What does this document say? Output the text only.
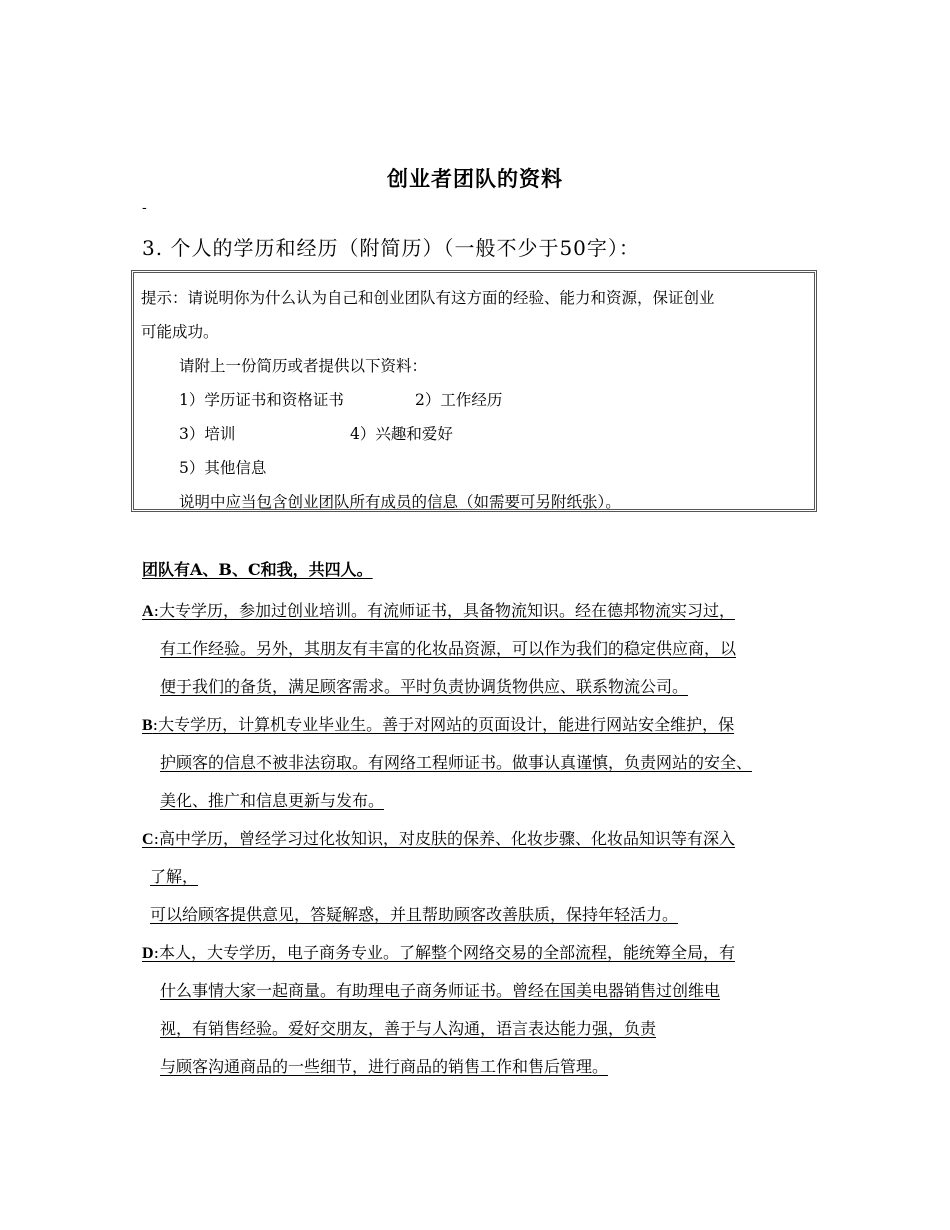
创业者团队的资料
-
3. 个人的学历和经历（附简历）（一般不少于50字）：
提示：请说明你为什么认为自己和创业团队有这方面的经验、能力和资源，保证创业
可能成功。
请附上一份简历或者提供以下资料：
1）学历证书和资格证书	2）工作经历
3）培训	4）兴趣和爱好
5）其他信息
说明中应当包含创业团队所有成员的信息（如需要可另附纸张）。
团队有A、B、C和我，共四人。
A:大专学历，参加过创业培训。有流师证书，具备物流知识。经在德邦物流实习过，
有工作经验。另外，其朋友有丰富的化妆品资源，可以作为我们的稳定供应商，以
便于我们的备货，满足顾客需求。平时负责协调货物供应、联系物流公司。
B:大专学历，计算机专业毕业生。善于对网站的页面设计，能进行网站安全维护，保
护顾客的信息不被非法窃取。有网络工程师证书。做事认真谨慎，负责网站的安全、
美化、推广和信息更新与发布。
C:高中学历，曾经学习过化妆知识，对皮肤的保养、化妆步骤、化妆品知识等有深入
了解，
可以给顾客提供意见，答疑解惑，并且帮助顾客改善肤质，保持年轻活力。
D:本人，大专学历，电子商务专业。了解整个网络交易的全部流程，能统筹全局，有
什么事情大家一起商量。有助理电子商务师证书。曾经在国美电器销售过创维电
视，有销售经验。爱好交朋友，善于与人沟通，语言表达能力强，负责
与顾客沟通商品的一些细节，进行商品的销售工作和售后管理。
